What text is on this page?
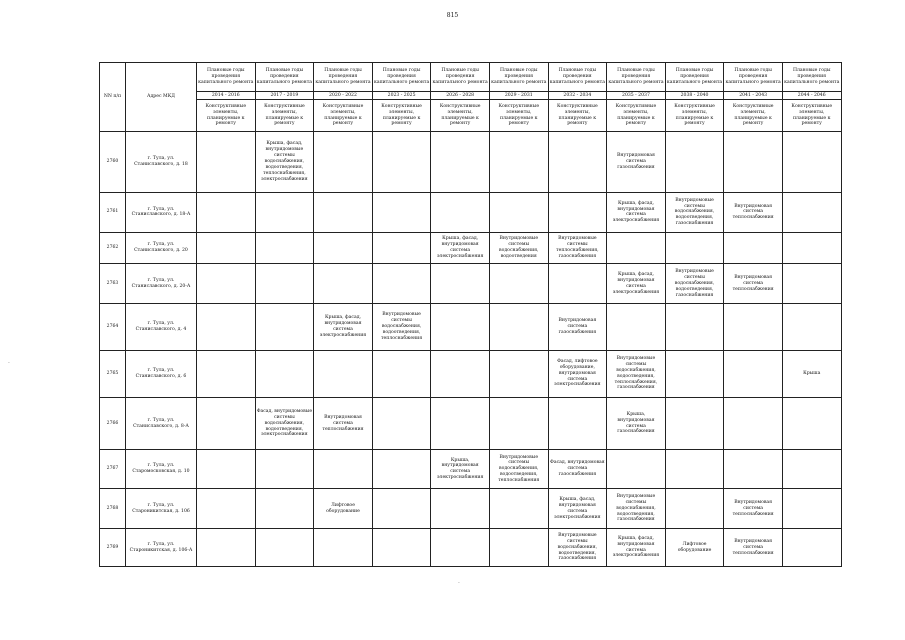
815
NN п/п	Адрес МКД	Плановые годы проведения капитального ремонта	Плановые годы проведения капитального ремонта	Плановые годы проведения капитального ремонта	Плановые годы проведения капитального ремонта	Плановые годы проведения капитального ремонта	Плановые годы проведения капитального ремонта	Плановые годы проведения капитального ремонта	Плановые годы проведения капитального ремонта	Плановые годы проведения капитального ремонта	Плановые годы проведения капитального ремонта	Плановые годы проведения капитального ремонта
		2014 - 2016	2017 - 2019	2020 - 2022	2023 - 2025	2026 - 2028	2029 - 2031	2032 - 2034	2035 - 2037	2038 - 2040	2041 - 2043	2044 - 2046
		Конструктивные элементы, планируемые к ремонту	Конструктивные элементы, планируемые к ремонту	Конструктивные элементы, планируемые к ремонту	Конструктивные элементы, планируемые к ремонту	Конструктивные элементы, планируемые к ремонту	Конструктивные элементы, планируемые к ремонту	Конструктивные элементы, планируемые к ремонту	Конструктивные элементы, планируемые к ремонту	Конструктивные элементы, планируемые к ремонту	Конструктивные элементы, планируемые к ремонту	Конструктивные элементы, планируемые к ремонту
2760	г. Тула, ул. Станиславского, д. 18		Крыша, фасад, внутридомовые системы водоснабжения, водоотведения, теплоснабжения, электроснабжения						Внутридомовая система газоснабжения			
2761	г. Тула, ул. Станиславского, д. 18-А								Крыша, фасад, внутридомовая система электроснабжения	Внутридомовые системы водоснабжения, водоотведения, газоснабжения	Внутридомовая система теплоснабжения	
2762	г. Тула, ул. Станиславского, д. 20					Крыша, фасад, внутридомовая система электроснабжения	Внутридомовые системы водоснабжения, водоотведения	Внутридомовые системы теплоснабжения, газоснабжения				
2763	г. Тула, ул. Станиславского, д. 20-А								Крыша, фасад, внутридомовая система электроснабжения	Внутридомовые системы водоснабжения, водоотведения, газоснабжения	Внутридомовая система теплоснабжения	
2764	г. Тула, ул. Станиславского, д. 4			Крыша, фасад, внутридомовая система электроснабжения	Внутридомовые системы водоснабжения, водоотведения, теплоснабжения			Внутридомовая система газоснабжения				
2765	г. Тула, ул. Станиславского, д. 6							Фасад, лифтовое оборудование, внутридомовая система электроснабжения	Внутридомовые системы водоснабжения, водоотведения, теплоснабжения, газоснабжения			Крыша
2766	г. Тула, ул. Станиславского, д. 8-А		Фасад, внутридомовые системы водоснабжения, водоотведения, электроснабжения	Внутридомовая система теплоснабжения					Крыша, внутридомовая система газоснабжения			
2767	г. Тула, ул. Старомосковская, д. 10					Крыша, внутридомовая система электроснабжения	Внутридомовые системы водоснабжения, водоотведения, теплоснабжения	Фасад, внутридомовая система газоснабжения				
2768	г. Тула, ул. Староникитская, д. 106			Лифтовое оборудование				Крыша, фасад, внутридомовая система электроснабжения	Внутридомовые системы водоснабжения, водоотведения, газоснабжения		Внутридомовая система теплоснабжения	
2769	г. Тула, ул. Староникитская, д. 106-А							Внутридомовые системы водоснабжения, водоотведения, газоснабжения	Крыша, фасад, внутридомовая система электроснабжения	Лифтовое оборудование	Внутридомовая система теплоснабжения	
·
·
